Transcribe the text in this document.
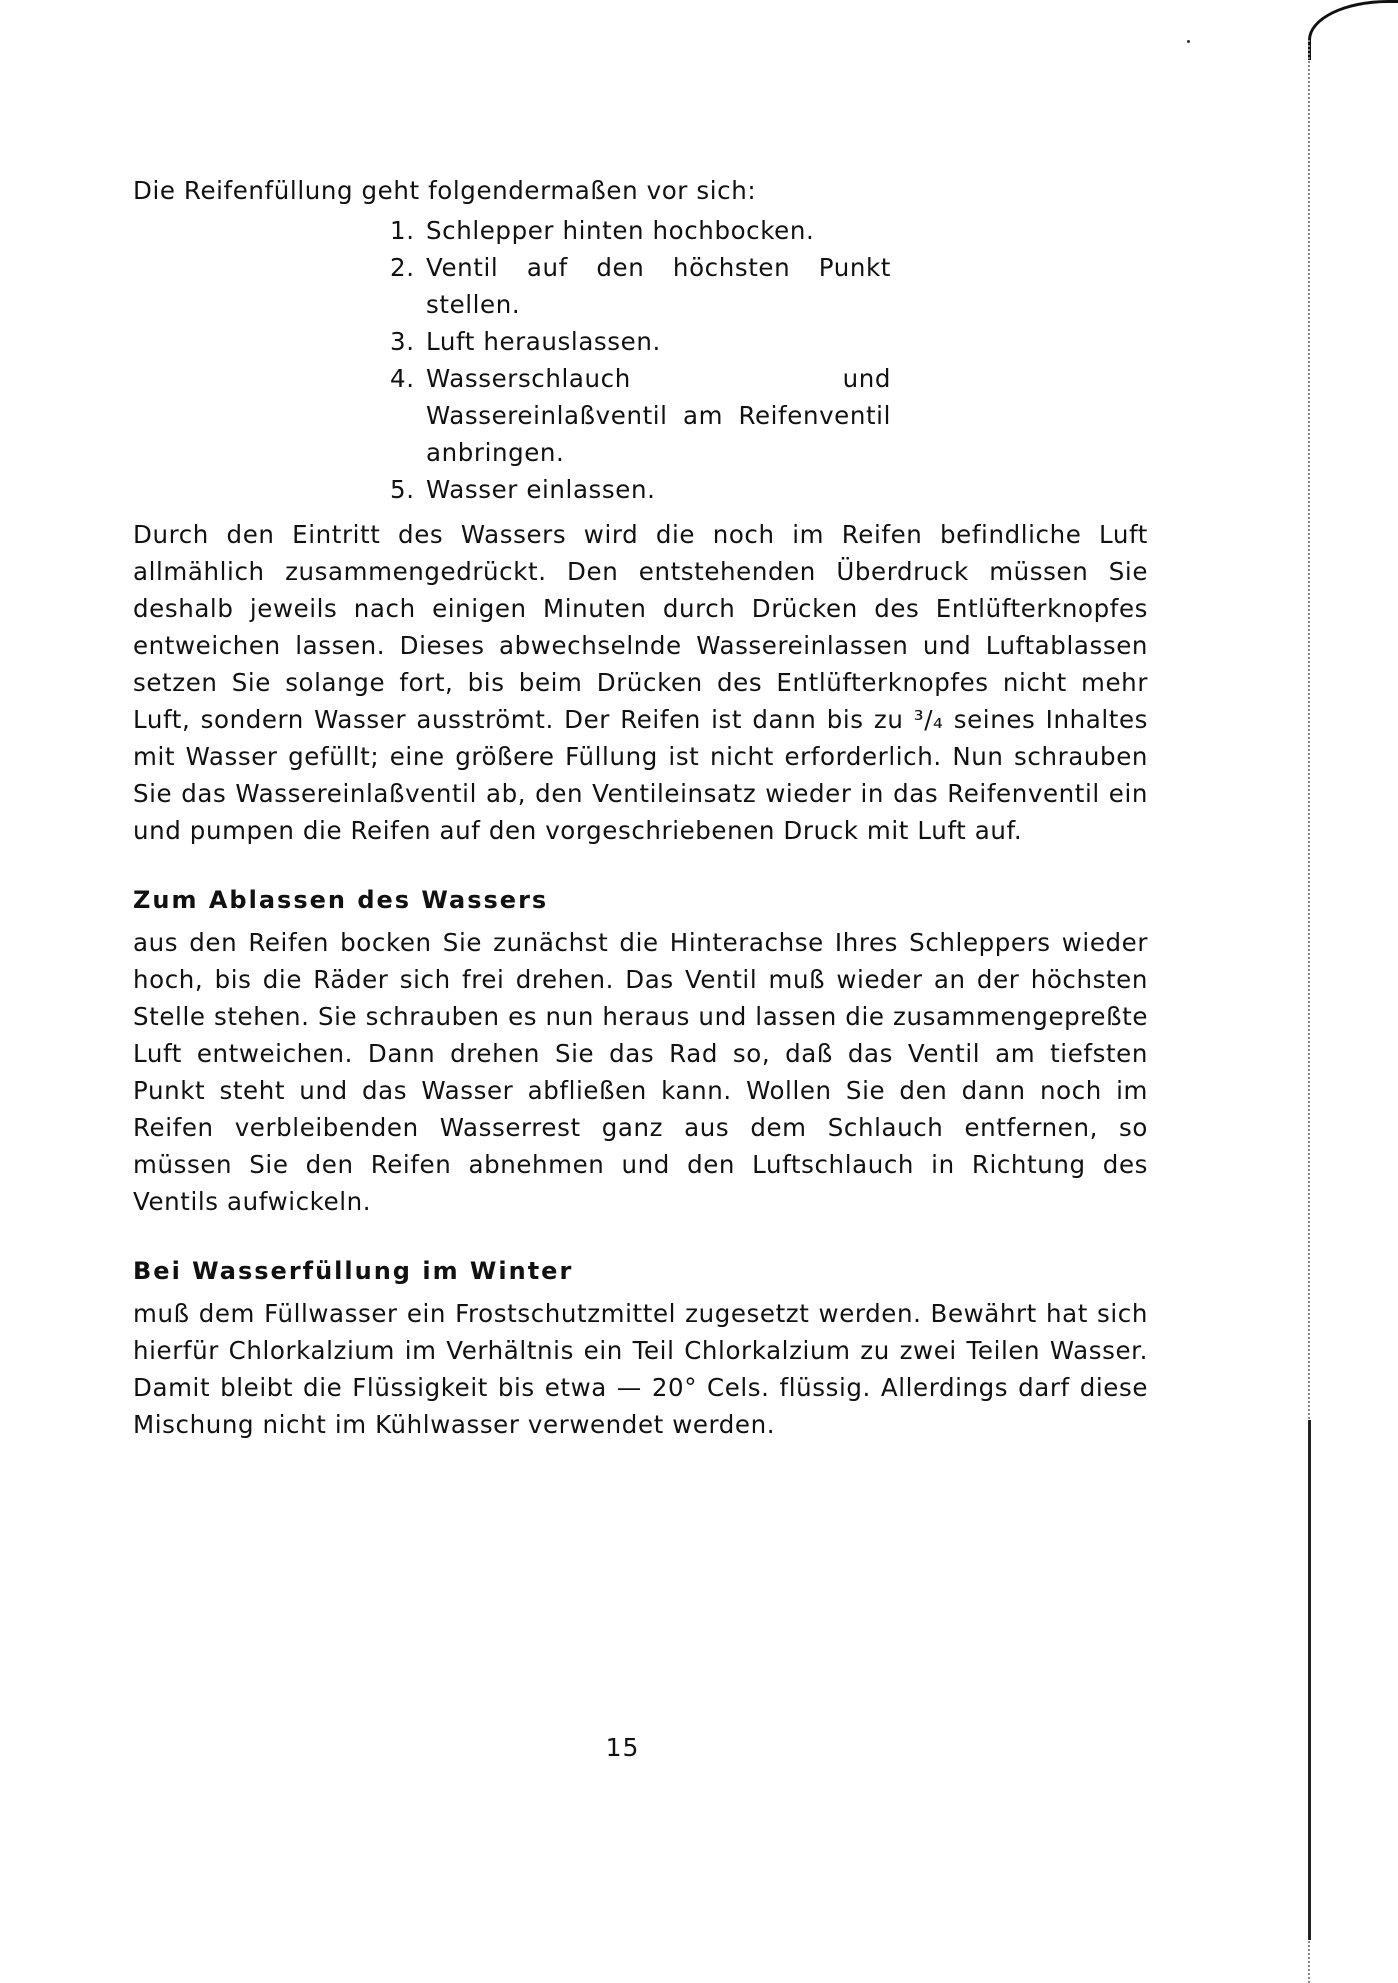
Die Reifenfüllung geht folgendermaßen vor sich:

1. Schlepper hinten hochbocken.
2. Ventil auf den höchsten Punkt stellen.
3. Luft herauslassen.
4. Wasserschlauch und Wassereinlaßventil am Reifenventil anbringen.
5. Wasser einlassen.

Durch den Eintritt des Wassers wird die noch im Reifen befindliche Luft allmählich zusammengedrückt. Den entstehenden Überdruck müssen Sie deshalb jeweils nach einigen Minuten durch Drücken des Entlüfterknopfes entweichen lassen. Dieses abwechselnde Wassereinlassen und Luftablassen setzen Sie solange fort, bis beim Drücken des Entlüfterknopfes nicht mehr Luft, sondern Wasser ausströmt. Der Reifen ist dann bis zu ³/₄ seines Inhaltes mit Wasser gefüllt; eine größere Füllung ist nicht erforderlich. Nun schrauben Sie das Wassereinlaßventil ab, den Ventileinsatz wieder in das Reifenventil ein und pumpen die Reifen auf den vorgeschriebenen Druck mit Luft auf.

Zum Ablassen des Wassers

aus den Reifen bocken Sie zunächst die Hinterachse Ihres Schleppers wieder hoch, bis die Räder sich frei drehen. Das Ventil muß wieder an der höchsten Stelle stehen. Sie schrauben es nun heraus und lassen die zusammengepreßte Luft entweichen. Dann drehen Sie das Rad so, daß das Ventil am tiefsten Punkt steht und das Wasser abfließen kann. Wollen Sie den dann noch im Reifen verbleibenden Wasserrest ganz aus dem Schlauch entfernen, so müssen Sie den Reifen abnehmen und den Luftschlauch in Richtung des Ventils aufwickeln.

Bei Wasserfüllung im Winter

muß dem Füllwasser ein Frostschutzmittel zugesetzt werden. Bewährt hat sich hierfür Chlorkalzium im Verhältnis ein Teil Chlorkalzium zu zwei Teilen Wasser. Damit bleibt die Flüssigkeit bis etwa — 20° Cels. flüssig. Allerdings darf diese Mischung nicht im Kühlwasser verwendet werden.

15
